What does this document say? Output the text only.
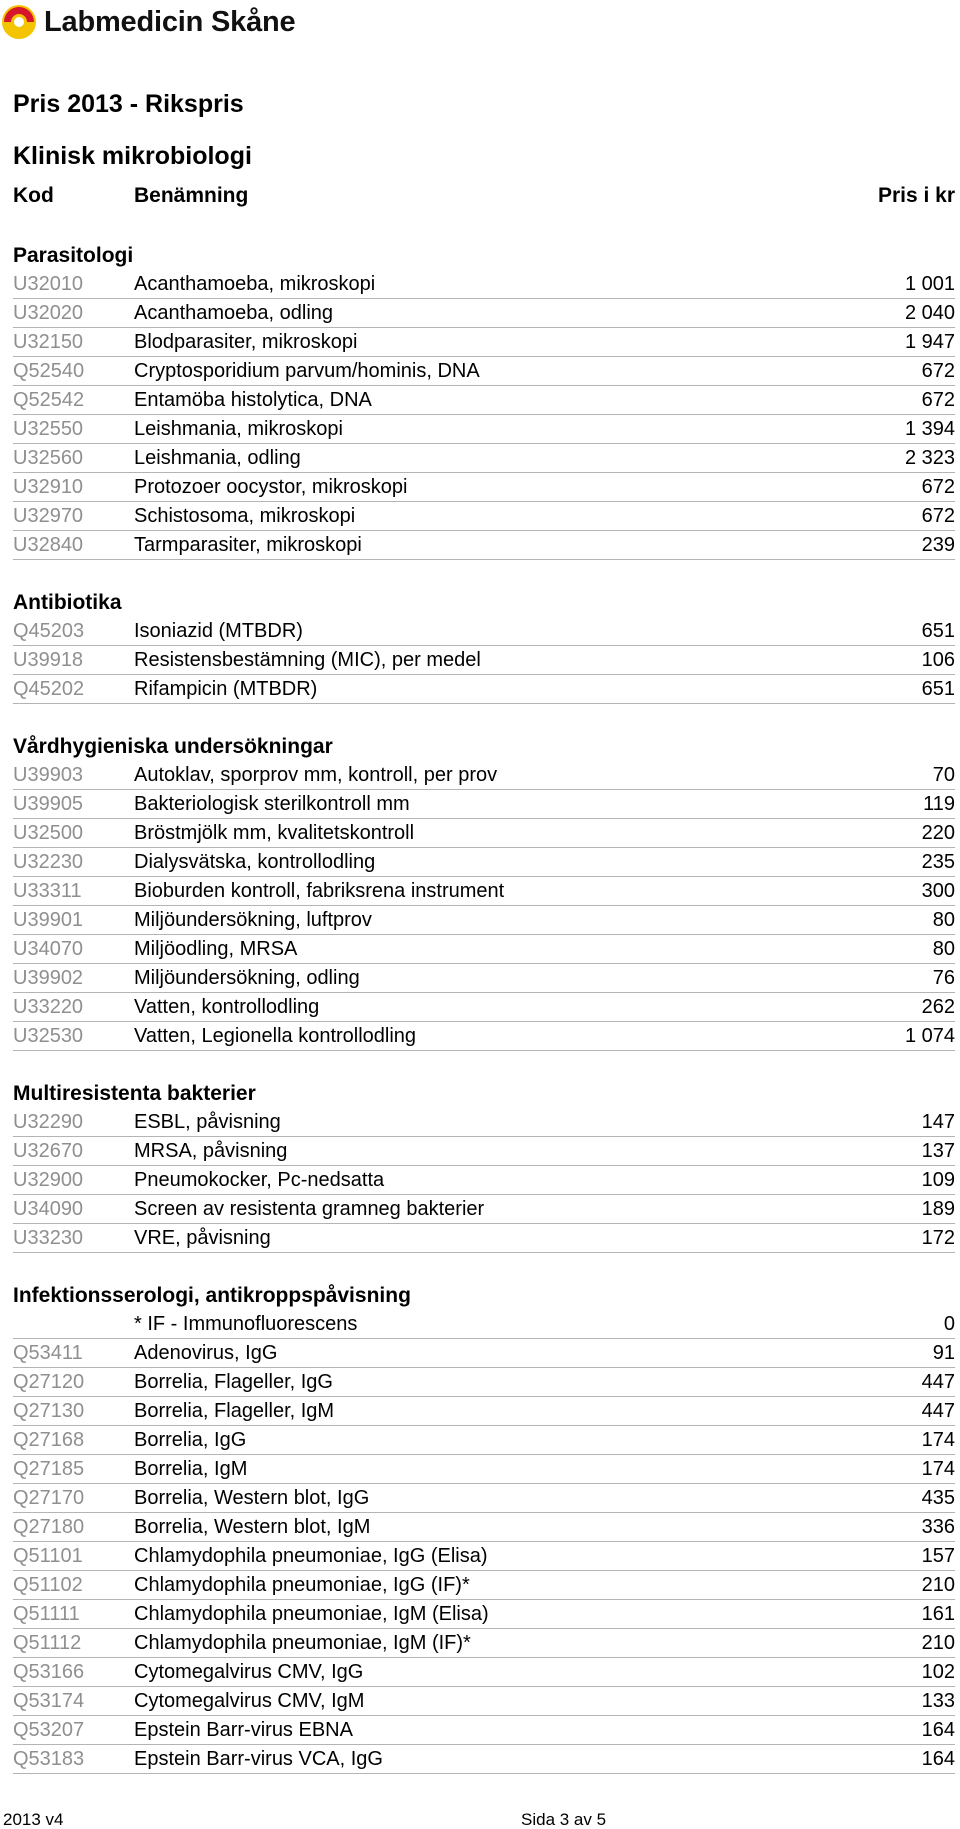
Labmedicin Skåne
Pris 2013 - Rikspris
Klinisk mikrobiologi
Kod	Benämning	Pris i kr
Parasitologi
U32010	Acanthamoeba, mikroskopi	1 001
U32020	Acanthamoeba, odling	2 040
U32150	Blodparasiter, mikroskopi	1 947
Q52540 Cryptosporidium parvum/hominis, DNA	672
Q52542 Entamöba histolytica, DNA	672
U32550	Leishmania, mikroskopi	1 394
U32560	Leishmania, odling	2 323
U32910	Protozoer oocystor, mikroskopi	672
U32970	Schistosoma, mikroskopi	672
U32840	Tarmparasiter, mikroskopi	239
Antibiotika
Q45203 Isoniazid (MTBDR)	651
U39918	Resistensbestämning (MIC), per medel	106
Q45202 Rifampicin (MTBDR)	651
Vårdhygieniska undersökningar
U39903	Autoklav, sporprov mm, kontroll, per prov	70
U39905	Bakteriologisk sterilkontroll mm	119
U32500	Bröstmjölk mm, kvalitetskontroll	220
U32230	Dialysvätska, kontrollodling	235
U33311	Bioburden kontroll, fabriksrena instrument	300
U39901	Miljöundersökning, luftprov	80
U34070	Miljöodling, MRSA	80
U39902	Miljöundersökning, odling	76
U33220	Vatten, kontrollodling	262
U32530	Vatten, Legionella kontrollodling	1 074
Multiresistenta bakterier
U32290	ESBL, påvisning	147
U32670	MRSA, påvisning	137
U32900	Pneumokocker, Pc-nedsatta	109
U34090	Screen av resistenta gramneg bakterier	189
U33230	VRE, påvisning	172
Infektionsserologi, antikroppspåvisning
* IF - Immunofluorescens	0
Q53411	Adenovirus, IgG	91
Q27120 Borrelia, Flageller, IgG	447
Q27130 Borrelia, Flageller, IgM	447
Q27168 Borrelia, IgG	174
Q27185 Borrelia, IgM	174
Q27170 Borrelia, Western blot, IgG	435
Q27180 Borrelia, Western blot, IgM	336
Q51101	Chlamydophila pneumoniae, IgG (Elisa)	157
Q51102	Chlamydophila pneumoniae, IgG (IF)*	210
Q51111	Chlamydophila pneumoniae, IgM (Elisa)	161
Q51112	Chlamydophila pneumoniae, IgM (IF)*	210
Q53166 Cytomegalvirus CMV, IgG	102
Q53174 Cytomegalvirus CMV, IgM	133
Q53207 Epstein Barr-virus EBNA	164
Q53183 Epstein Barr-virus VCA, IgG	164
2013 v4	Sida 3 av 5
